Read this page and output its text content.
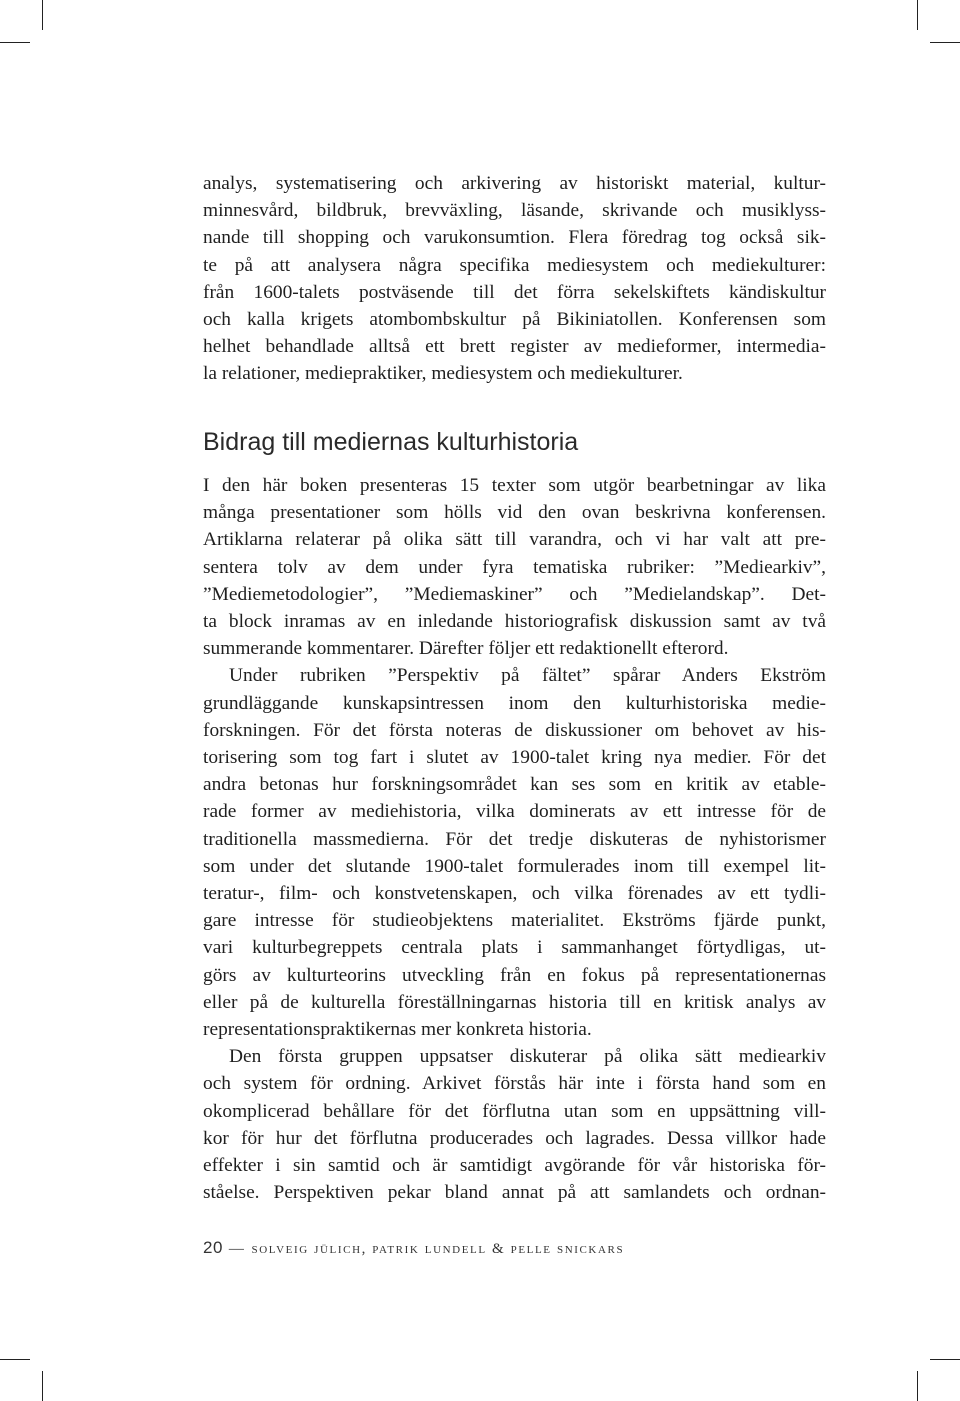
analys, systematisering och arkivering av historiskt material, kultur-
minnesvård, bildbruk, brevväxling, läsande, skrivande och musiklyss-
nande till shopping och varukonsumtion. Flera föredrag tog också sik-
te på att analysera några specifika mediesystem och mediekulturer:
från 1600-talets postväsende till det förra sekelskiftets kändiskultur
och kalla krigets atombombskultur på Bikiniatollen. Konferensen som
helhet behandlade alltså ett brett register av medieformer, intermedia-
la relationer, mediepraktiker, mediesystem och mediekulturer.
Bidrag till mediernas kulturhistoria
I den här boken presenteras 15 texter som utgör bearbetningar av lika
många presentationer som hölls vid den ovan beskrivna konferensen.
Artiklarna relaterar på olika sätt till varandra, och vi har valt att pre-
sentera tolv av dem under fyra tematiska rubriker: ”Mediearkiv”,
”Mediemetodologier”, ”Mediemaskiner” och ”Medielandskap”. Det-
ta block inramas av en inledande historiografisk diskussion samt av två
summerande kommentarer. Därefter följer ett redaktionellt efterord.
Under rubriken ”Perspektiv på fältet” spårar Anders Ekström
grundläggande kunskapsintressen inom den kulturhistoriska medie-
forskningen. För det första noteras de diskussioner om behovet av his-
torisering som tog fart i slutet av 1900-talet kring nya medier. För det
andra betonas hur forskningsområdet kan ses som en kritik av etable-
rade former av mediehistoria, vilka dominerats av ett intresse för de
traditionella massmedierna. För det tredje diskuteras de nyhistorismer
som under det slutande 1900-talet formulerades inom till exempel lit-
teratur-, film- och konstvetenskapen, och vilka förenades av ett tydli-
gare intresse för studieobjektens materialitet. Ekströms fjärde punkt,
vari kulturbegreppets centrala plats i sammanhanget förtydligas, ut-
görs av kulturteorins utveckling från en fokus på representationernas
eller på de kulturella föreställningarnas historia till en kritisk analys av
representationspraktikernas mer konkreta historia.
Den första gruppen uppsatser diskuterar på olika sätt mediearkiv
och system för ordning. Arkivet förstås här inte i första hand som en
okomplicerad behållare för det förflutna utan som en uppsättning vill-
kor för hur det förflutna producerades och lagrades. Dessa villkor hade
effekter i sin samtid och är samtidigt avgörande för vår historiska för-
ståelse. Perspektiven pekar bland annat på att samlandets och ordnan-
20 — solveig jülich, patrik lundell & pelle snickars
